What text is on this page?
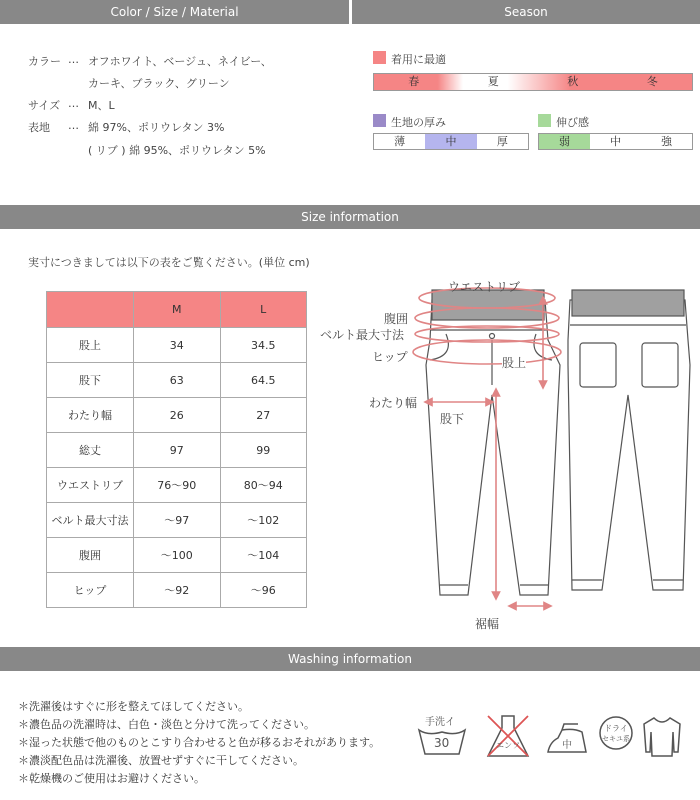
Color / Size / Material	Season
カラー … オフホワイト、ベージュ、ネイビー、
カーキ、ブラック、グリーン
サイズ … M、L
表地 … 綿 97%、ポリウレタン 3%
( リブ ) 綿 95%、ポリウレタン 5%
着用に最適
春	夏	秋	冬
生地の厚み
薄	中	厚
伸び感
弱	中	強
Size information
実寸につきましては以下の表をご覧ください。(単位 cm)
	M	L
股上	34	34.5
股下	63	64.5
わたり幅	26	27
総丈	97	99
ウエストリブ	76〜90	80〜94
ベルト最大寸法	〜97	〜102
腹囲	〜100	〜104
ヒップ	〜92	〜96
ウエストリブ
腹囲
ベルト最大寸法
ヒップ	股上
わたり幅
股下
裾幅
Washing information
＊洗濯後はすぐに形を整えてほしてください。
＊濃色品の洗濯時は、白色・淡色と分けて洗ってください。
＊湿った状態で他のものとこすり合わせると色が移るおそれがあります。
＊濃淡配色品は洗濯後、放置せずすぐに干してください。
＊乾燥機のご使用はお避けください。
手洗イ
30	エンソ	中
ドライ
セキユ系
